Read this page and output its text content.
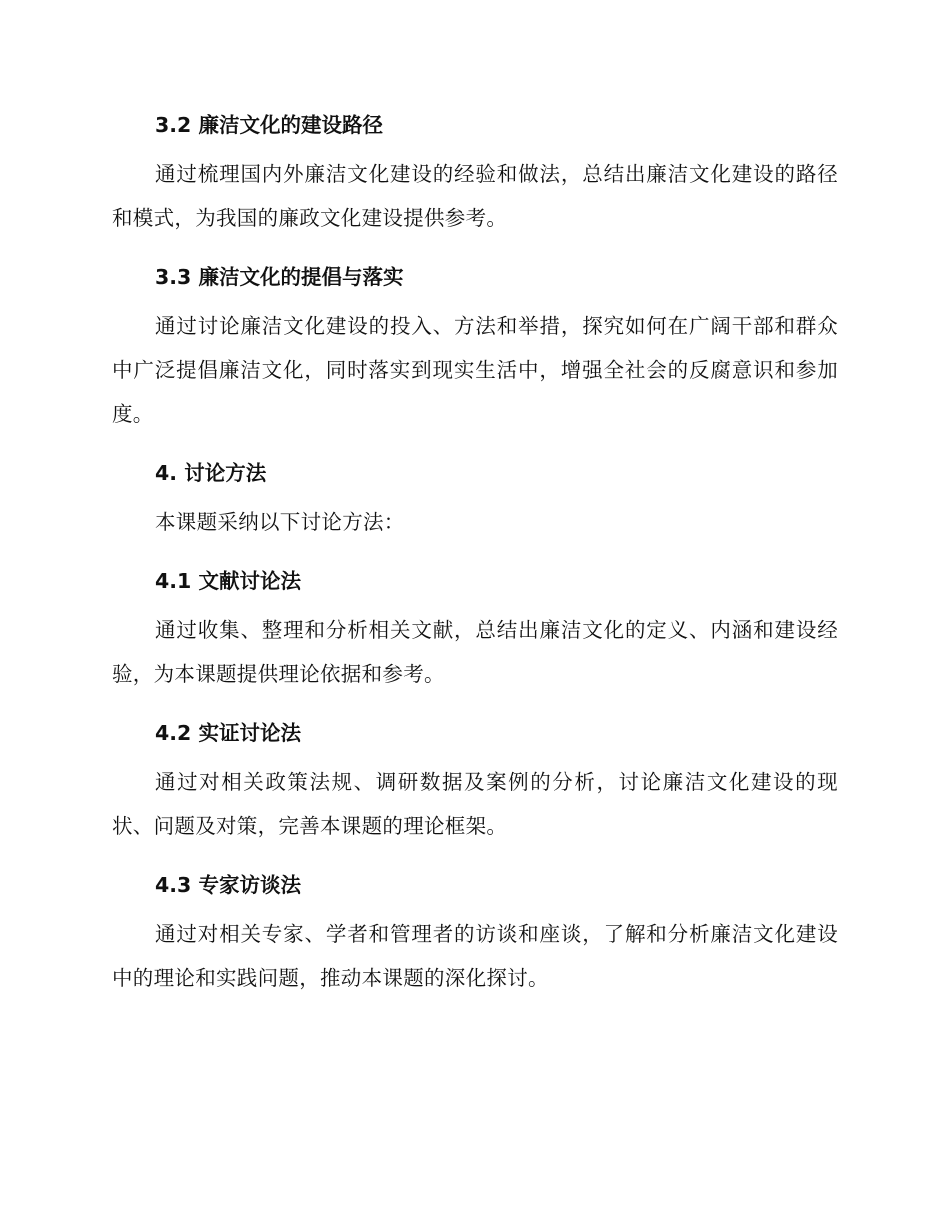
3.2 廉洁文化的建设路径

通过梳理国内外廉洁文化建设的经验和做法，总结出廉洁文化建设的路径和模式，为我国的廉政文化建设提供参考。

3.3 廉洁文化的提倡与落实

通过讨论廉洁文化建设的投入、方法和举措，探究如何在广阔干部和群众中广泛提倡廉洁文化，同时落实到现实生活中，增强全社会的反腐意识和参加度。

4. 讨论方法

本课题采纳以下讨论方法：

4.1 文献讨论法

通过收集、整理和分析相关文献，总结出廉洁文化的定义、内涵和建设经验，为本课题提供理论依据和参考。

4.2 实证讨论法

通过对相关政策法规、调研数据及案例的分析，讨论廉洁文化建设的现状、问题及对策，完善本课题的理论框架。

4.3 专家访谈法

通过对相关专家、学者和管理者的访谈和座谈，了解和分析廉洁文化建设中的理论和实践问题，推动本课题的深化探讨。
